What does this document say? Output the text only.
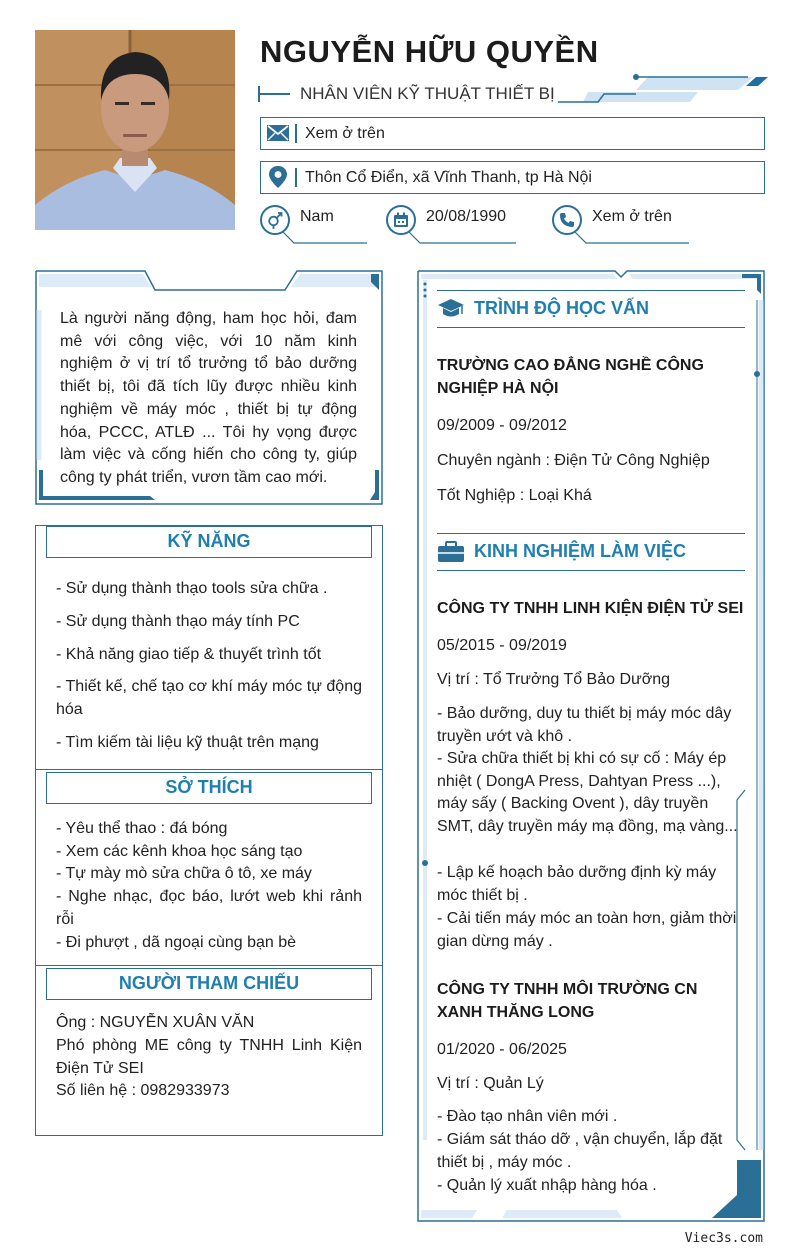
NGUYỄN HỮU QUYỀN
NHÂN VIÊN KỸ THUẬT THIẾT BỊ
Xem ở trên
Thôn Cổ Điển, xã Vĩnh Thanh, tp Hà Nội
Nam	20/08/1990	Xem ở trên
Là người năng động, ham học hỏi, đam mê với công việc, với 10 năm kinh nghiệm ở vị trí tổ trưởng tổ bảo dưỡng thiết bị, tôi đã tích lũy được nhiều kinh nghiệm về máy móc , thiết bị tự động hóa, PCCC, ATLĐ ... Tôi hy vọng được làm việc và cống hiến cho công ty, giúp công ty phát triển, vươn tầm cao mới.
KỸ NĂNG
- Sử dụng thành thạo tools sửa chữa .
- Sử dụng thành thạo máy tính PC
- Khả năng giao tiếp & thuyết trình tốt
- Thiết kế, chế tạo cơ khí máy móc tự động hóa
- Tìm kiếm tài liệu kỹ thuật trên mạng
SỞ THÍCH
- Yêu thể thao : đá bóng
- Xem các kênh khoa học sáng tạo
- Tự mày mò sửa chữa ô tô, xe máy
- Nghe nhạc, đọc báo, lướt web khi rảnh rỗi
- Đi phượt , dã ngoại cùng bạn bè
NGƯỜI THAM CHIẾU
Ông : NGUYỄN XUÂN VĂN
Phó phòng ME công ty TNHH Linh Kiện Điện Tử SEI
Số liên hệ : 0982933973
TRÌNH ĐỘ HỌC VẤN
TRƯỜNG CAO ĐẲNG NGHỀ CÔNG NGHIỆP HÀ NỘI
09/2009 - 09/2012
Chuyên ngành : Điện Tử Công Nghiệp
Tốt Nghiệp : Loại Khá
KINH NGHIỆM LÀM VIỆC
CÔNG TY TNHH LINH KIỆN ĐIỆN TỬ SEI
05/2015 - 09/2019
Vị trí : Tổ Trưởng Tổ Bảo Dưỡng
- Bảo dưỡng, duy tu thiết bị máy móc dây truyền ướt và khô .
- Sửa chữa thiết bị khi có sự cố : Máy ép nhiệt ( DongA Press, Dahtyan Press ...), máy sấy ( Backing Ovent ), dây truyền SMT, dây truyền máy mạ đồng, mạ vàng...
- Lập kế hoạch bảo dưỡng định kỳ máy móc thiết bị .
- Cải tiến máy móc an toàn hơn, giảm thời gian dừng máy .
CÔNG TY TNHH MÔI TRƯỜNG CN XANH THĂNG LONG
01/2020 - 06/2025
Vị trí : Quản Lý
- Đào tạo nhân viên mới .
- Giám sát tháo dỡ , vận chuyển, lắp đặt thiết bị , máy móc .
- Quản lý xuất nhập hàng hóa .
Viec3s.com
